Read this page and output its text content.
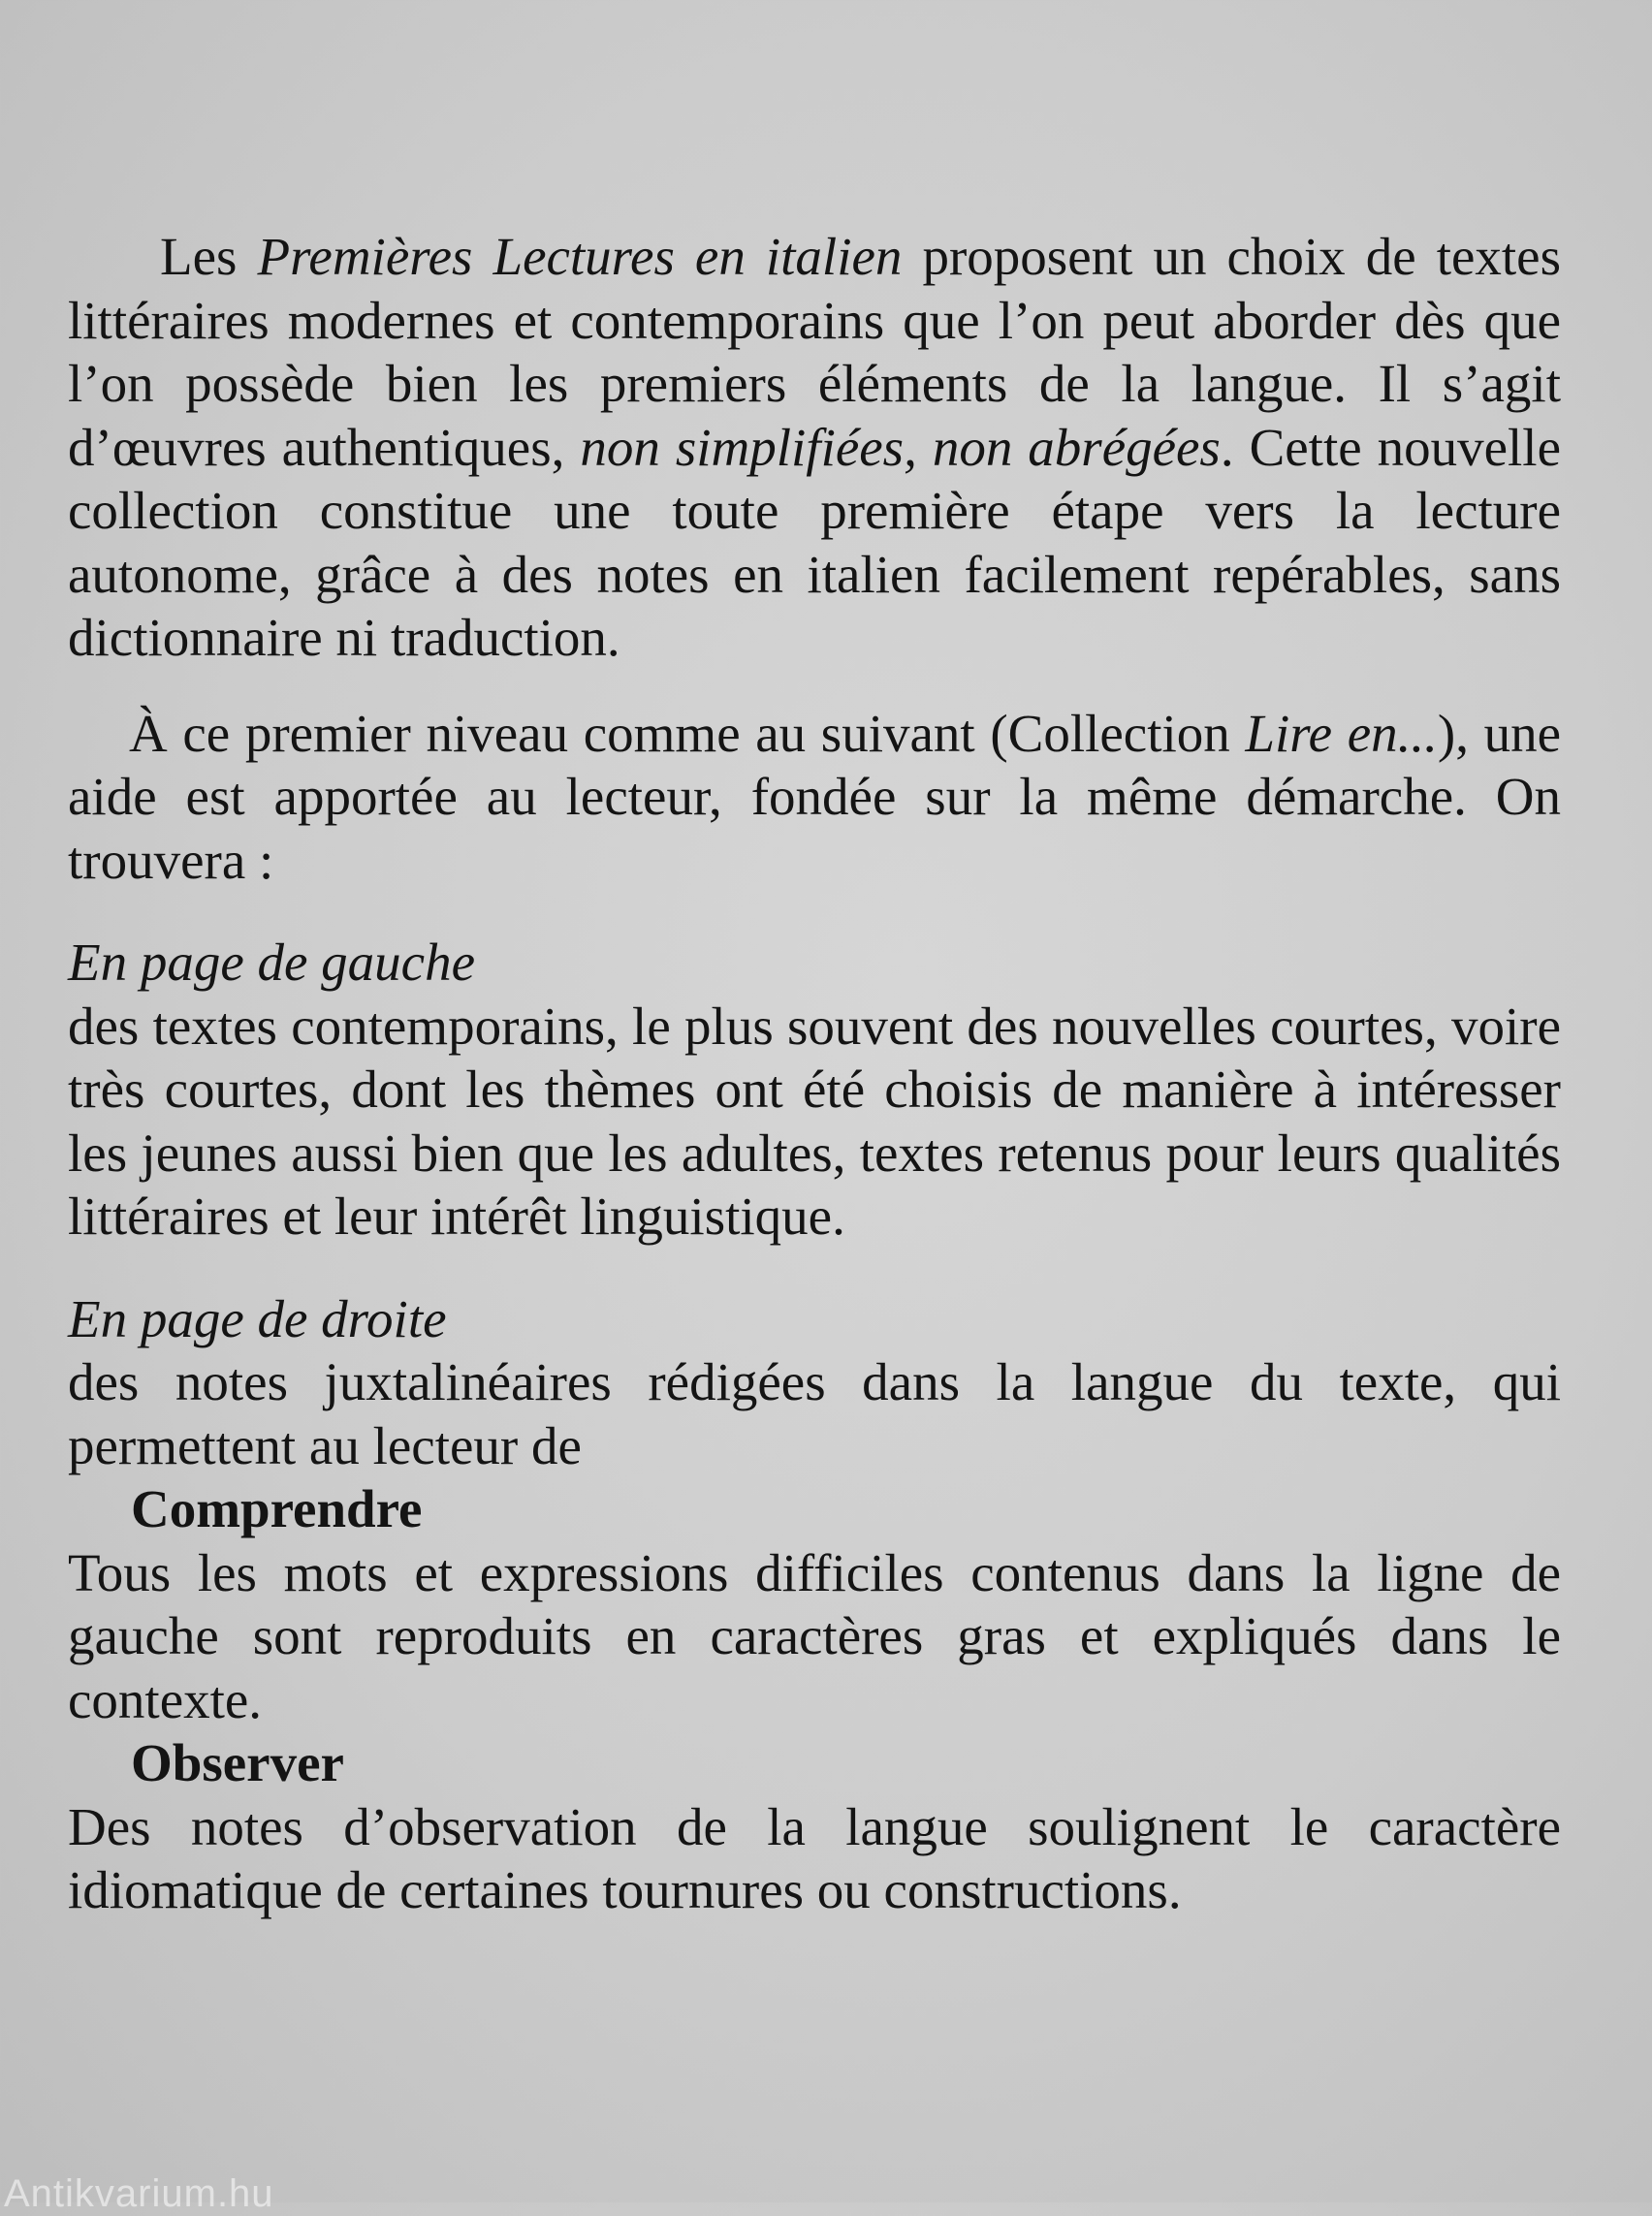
Les Premières Lectures en italien proposent un choix de textes littéraires modernes et contemporains que l’on peut aborder dès que l’on possède bien les premiers éléments de la langue. Il s’agit d’œuvres authentiques, non simplifiées, non abrégées. Cette nouvelle collection constitue une toute première étape vers la lecture autonome, grâce à des notes en italien facilement repérables, sans dictionnaire ni traduction.

À ce premier niveau comme au suivant (Collection Lire en...), une aide est apportée au lecteur, fondée sur la même démarche. On trouvera :

En page de gauche

des textes contemporains, le plus souvent des nouvelles courtes, voire très courtes, dont les thèmes ont été choisis de manière à intéresser les jeunes aussi bien que les adultes, textes retenus pour leurs qualités littéraires et leur intérêt linguistique.

En page de droite

des notes juxtalinéaires rédigées dans la langue du texte, qui permettent au lecteur de

Comprendre

Tous les mots et expressions difficiles contenus dans la ligne de gauche sont reproduits en caractères gras et expliqués dans le contexte.

Observer

Des notes d’observation de la langue soulignent le caractère idiomatique de certaines tournures ou constructions.

Antikvarium.hu
